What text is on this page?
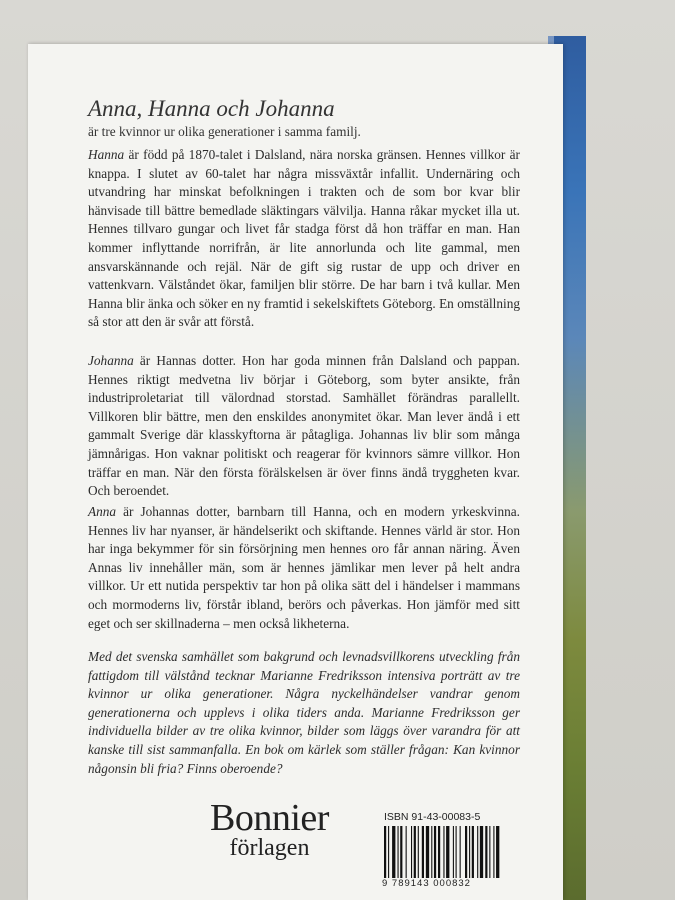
Anna, Hanna och Johanna
är tre kvinnor ur olika generationer i samma familj.

Hanna är född på 1870-talet i Dalsland, nära norska gränsen. Hennes villkor är knappa. I slutet av 60-talet har några missväxtår infallit. Undernäring och utvandring har minskat befolkningen i trakten och de som bor kvar blir hänvisade till bättre bemedlade släktingars välvilja. Hanna råkar mycket illa ut. Hennes tillvaro gungar och livet får stadga först då hon träffar en man. Han kommer inflyttande norrifrån, är lite annorlunda och lite gammal, men ansvarskännande och rejäl. När de gift sig rustar de upp och driver en vattenkvarn. Välståndet ökar, familjen blir större. De har barn i två kullar. Men Hanna blir änka och söker en ny framtid i sekelskiftets Göteborg. En omställning så stor att den är svår att förstå.

Johanna är Hannas dotter. Hon har goda minnen från Dalsland och pappan. Hennes riktigt medvetna liv börjar i Göteborg, som byter ansikte, från industriproletariat till välordnad storstad. Samhället förändras parallellt. Villkoren blir bättre, men den enskildes anonymitet ökar. Man lever ändå i ett gammalt Sverige där klasskyftorna är påtagliga. Johannas liv blir som många jämnårigas. Hon vaknar politiskt och reagerar för kvinnors sämre villkor. Hon träffar en man. När den första förälskelsen är över finns ändå tryggheten kvar. Och beroendet.

Anna är Johannas dotter, barnbarn till Hanna, och en modern yrkeskvinna. Hennes liv har nyanser, är händelserikt och skiftande. Hennes värld är stor. Hon har inga bekymmer för sin försörjning men hennes oro får annan näring. Även Annas liv innehåller män, som är hennes jämlikar men lever på helt andra villkor. Ur ett nutida perspektiv tar hon på olika sätt del i händelser i mammans och mormoderns liv, förstår ibland, berörs och påverkas. Hon jämför med sitt eget och ser skillnaderna – men också likheterna.

Med det svenska samhället som bakgrund och levnadsvillkorens utveckling från fattigdom till välstånd tecknar Marianne Fredriksson intensiva porträtt av tre kvinnor ur olika generationer. Några nyckelhändelser vandrar genom generationerna och upplevs i olika tiders anda. Marianne Fredriksson ger individuella bilder av tre olika kvinnor, bilder som läggs över varandra för att kanske till sist sammanfalla. En bok om kärlek som ställer frågan: Kan kvinnor någonsin bli fria? Finns oberoende?
Bonnier
förlagen
ISBN 91-43-00083-5
9 789143 000832
